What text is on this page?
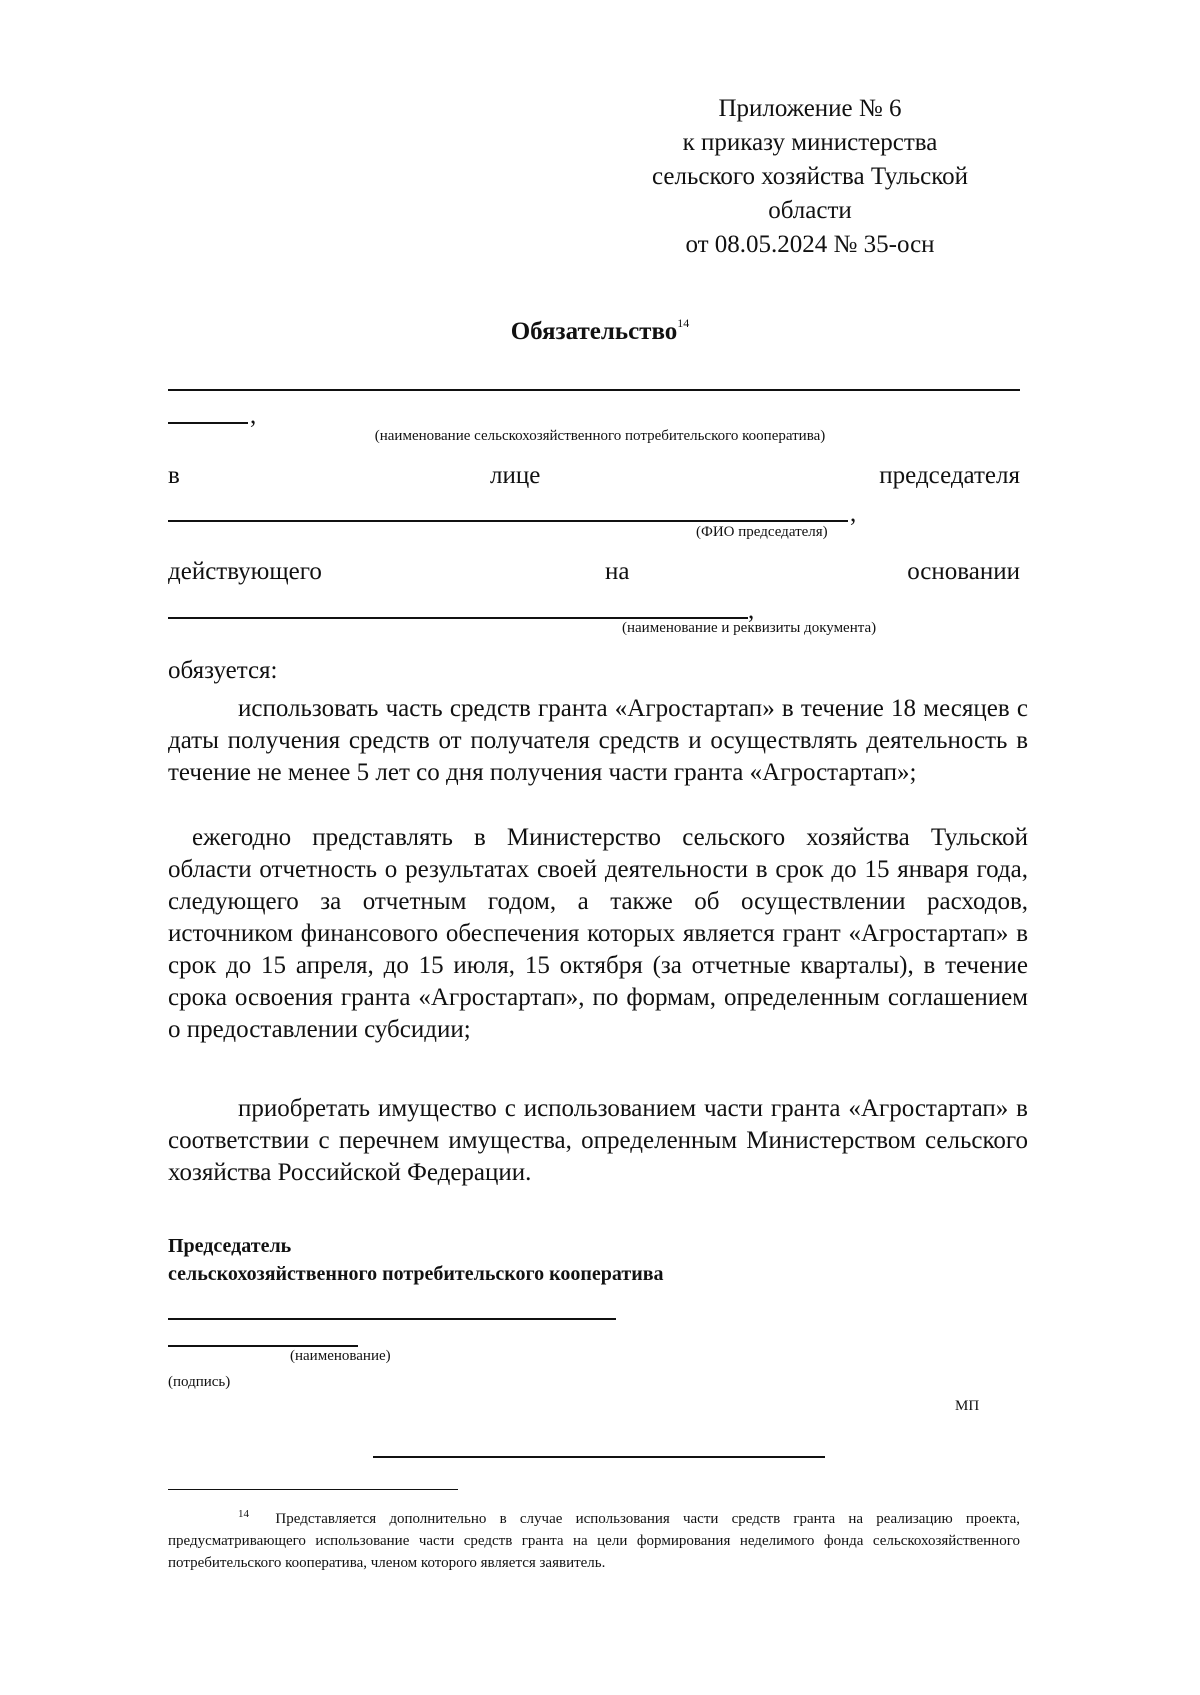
Приложение № 6
к приказу министерства
сельского хозяйства Тульской
области
от 08.05.2024 № 35-осн
Обязательство$^{14}$
,
(наименование сельскохозяйственного потребительского кооператива)
в	лице	председателя
,
(ФИО председателя)
действующего	на	основании
,
(наименование и реквизиты документа)
обязуется:
использовать часть средств гранта «Агростартап» в течение 18 месяцев с даты получения средств от получателя средств и осуществлять деятельность в течение не менее 5 лет со дня получения части гранта «Агростартап»;
ежегодно представлять в Министерство сельского хозяйства Тульской области отчетность о результатах своей деятельности в срок до 15 января года, следующего за отчетным годом, а также об осуществлении расходов, источником финансового обеспечения которых является грант «Агростартап» в срок до 15 апреля, до 15 июля, 15 октября (за отчетные кварталы), в течение срока освоения гранта «Агростартап», по формам, определенным соглашением о предоставлении субсидии;
приобретать имущество с использованием части гранта «Агростартап» в соответствии с перечнем имущества, определенным Министерством сельского хозяйства Российской Федерации.
Председатель
сельскохозяйственного потребительского кооператива
(наименование)
(подпись)
МП
$^{14}$ Представляется дополнительно в случае использования части средств гранта на реализацию проекта, предусматривающего использование части средств гранта на цели формирования неделимого фонда сельскохозяйственного потребительского кооператива, членом которого является заявитель.
